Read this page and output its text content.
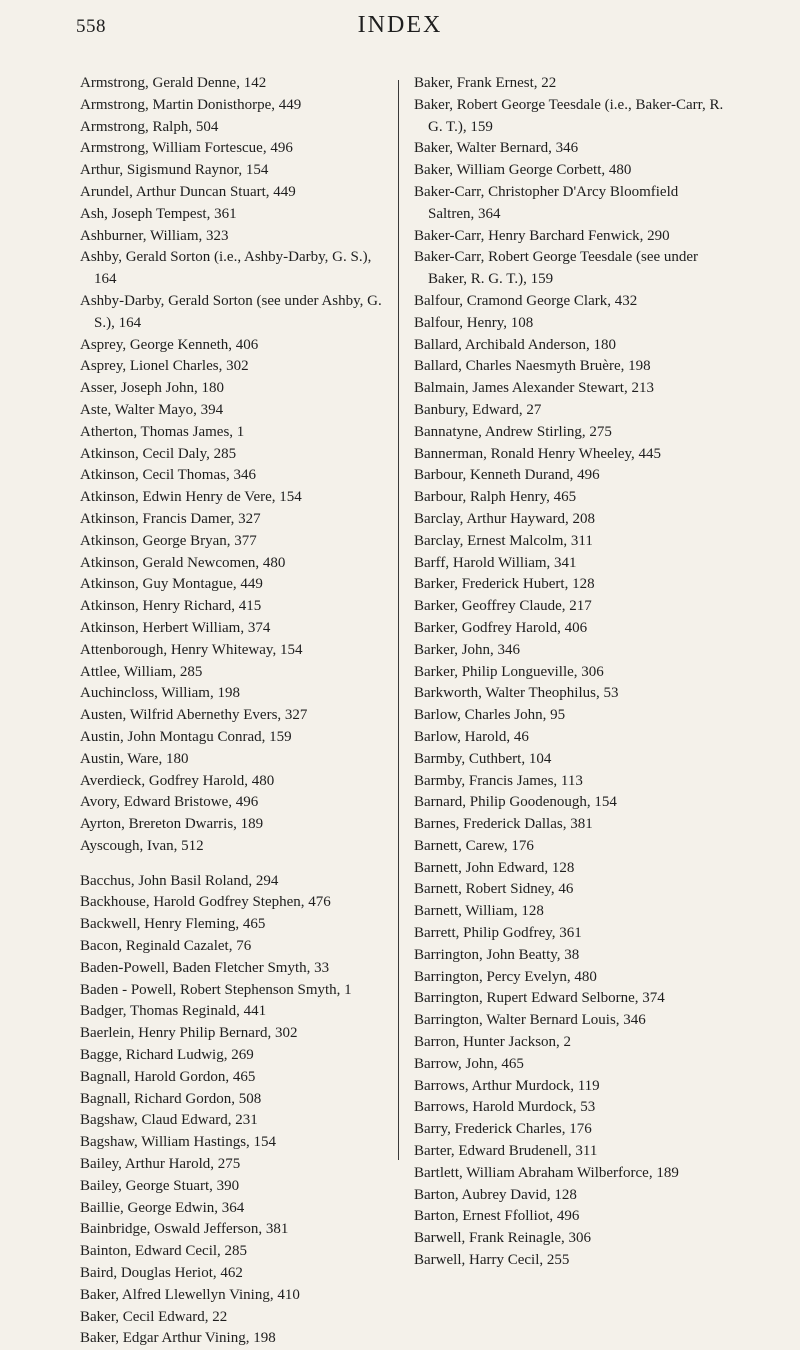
558	INDEX
Armstrong, Gerald Denne, 142
Armstrong, Martin Donisthorpe, 449
Armstrong, Ralph, 504
Armstrong, William Fortescue, 496
Arthur, Sigismund Raynor, 154
Arundel, Arthur Duncan Stuart, 449
Ash, Joseph Tempest, 361
Ashburner, William, 323
Ashby, Gerald Sorton (i.e., Ashby-Darby, G. S.), 164
Ashby-Darby, Gerald Sorton (see under Ashby, G. S.), 164
Asprey, George Kenneth, 406
Asprey, Lionel Charles, 302
Asser, Joseph John, 180
Aste, Walter Mayo, 394
Atherton, Thomas James, 1
Atkinson, Cecil Daly, 285
Atkinson, Cecil Thomas, 346
Atkinson, Edwin Henry de Vere, 154
Atkinson, Francis Damer, 327
Atkinson, George Bryan, 377
Atkinson, Gerald Newcomen, 480
Atkinson, Guy Montague, 449
Atkinson, Henry Richard, 415
Atkinson, Herbert William, 374
Attenborough, Henry Whiteway, 154
Attlee, William, 285
Auchincloss, William, 198
Austen, Wilfrid Abernethy Evers, 327
Austin, John Montagu Conrad, 159
Austin, Ware, 180
Averdieck, Godfrey Harold, 480
Avory, Edward Bristowe, 496
Ayrton, Brereton Dwarris, 189
Ayscough, Ivan, 512
Bacchus, John Basil Roland, 294
Backhouse, Harold Godfrey Stephen, 476
Backwell, Henry Fleming, 465
Bacon, Reginald Cazalet, 76
Baden-Powell, Baden Fletcher Smyth, 33
Baden - Powell, Robert Stephenson Smyth, 1
Badger, Thomas Reginald, 441
Baerlein, Henry Philip Bernard, 302
Bagge, Richard Ludwig, 269
Bagnall, Harold Gordon, 465
Bagnall, Richard Gordon, 508
Bagshaw, Claud Edward, 231
Bagshaw, William Hastings, 154
Bailey, Arthur Harold, 275
Bailey, George Stuart, 390
Baillie, George Edwin, 364
Bainbridge, Oswald Jefferson, 381
Bainton, Edward Cecil, 285
Baird, Douglas Heriot, 462
Baker, Alfred Llewellyn Vining, 410
Baker, Cecil Edward, 22
Baker, Edgar Arthur Vining, 198
Baker, Frank Ernest, 22
Baker, Robert George Teesdale (i.e., Baker-Carr, R. G. T.), 159
Baker, Walter Bernard, 346
Baker, William George Corbett, 480
Baker-Carr, Christopher D'Arcy Bloomfield Saltren, 364
Baker-Carr, Henry Barchard Fenwick, 290
Baker-Carr, Robert George Teesdale (see under Baker, R. G. T.), 159
Balfour, Cramond George Clark, 432
Balfour, Henry, 108
Ballard, Archibald Anderson, 180
Ballard, Charles Naesmyth Bruère, 198
Balmain, James Alexander Stewart, 213
Banbury, Edward, 27
Bannatyne, Andrew Stirling, 275
Bannerman, Ronald Henry Wheeley, 445
Barbour, Kenneth Durand, 496
Barbour, Ralph Henry, 465
Barclay, Arthur Hayward, 208
Barclay, Ernest Malcolm, 311
Barff, Harold William, 341
Barker, Frederick Hubert, 128
Barker, Geoffrey Claude, 217
Barker, Godfrey Harold, 406
Barker, John, 346
Barker, Philip Longueville, 306
Barkworth, Walter Theophilus, 53
Barlow, Charles John, 95
Barlow, Harold, 46
Barmby, Cuthbert, 104
Barmby, Francis James, 113
Barnard, Philip Goodenough, 154
Barnes, Frederick Dallas, 381
Barnett, Carew, 176
Barnett, John Edward, 128
Barnett, Robert Sidney, 46
Barnett, William, 128
Barrett, Philip Godfrey, 361
Barrington, John Beatty, 38
Barrington, Percy Evelyn, 480
Barrington, Rupert Edward Selborne, 374
Barrington, Walter Bernard Louis, 346
Barron, Hunter Jackson, 2
Barrow, John, 465
Barrows, Arthur Murdock, 119
Barrows, Harold Murdock, 53
Barry, Frederick Charles, 176
Barter, Edward Brudenell, 311
Bartlett, William Abraham Wilberforce, 189
Barton, Aubrey David, 128
Barton, Ernest Ffolliot, 496
Barwell, Frank Reinagle, 306
Barwell, Harry Cecil, 255
